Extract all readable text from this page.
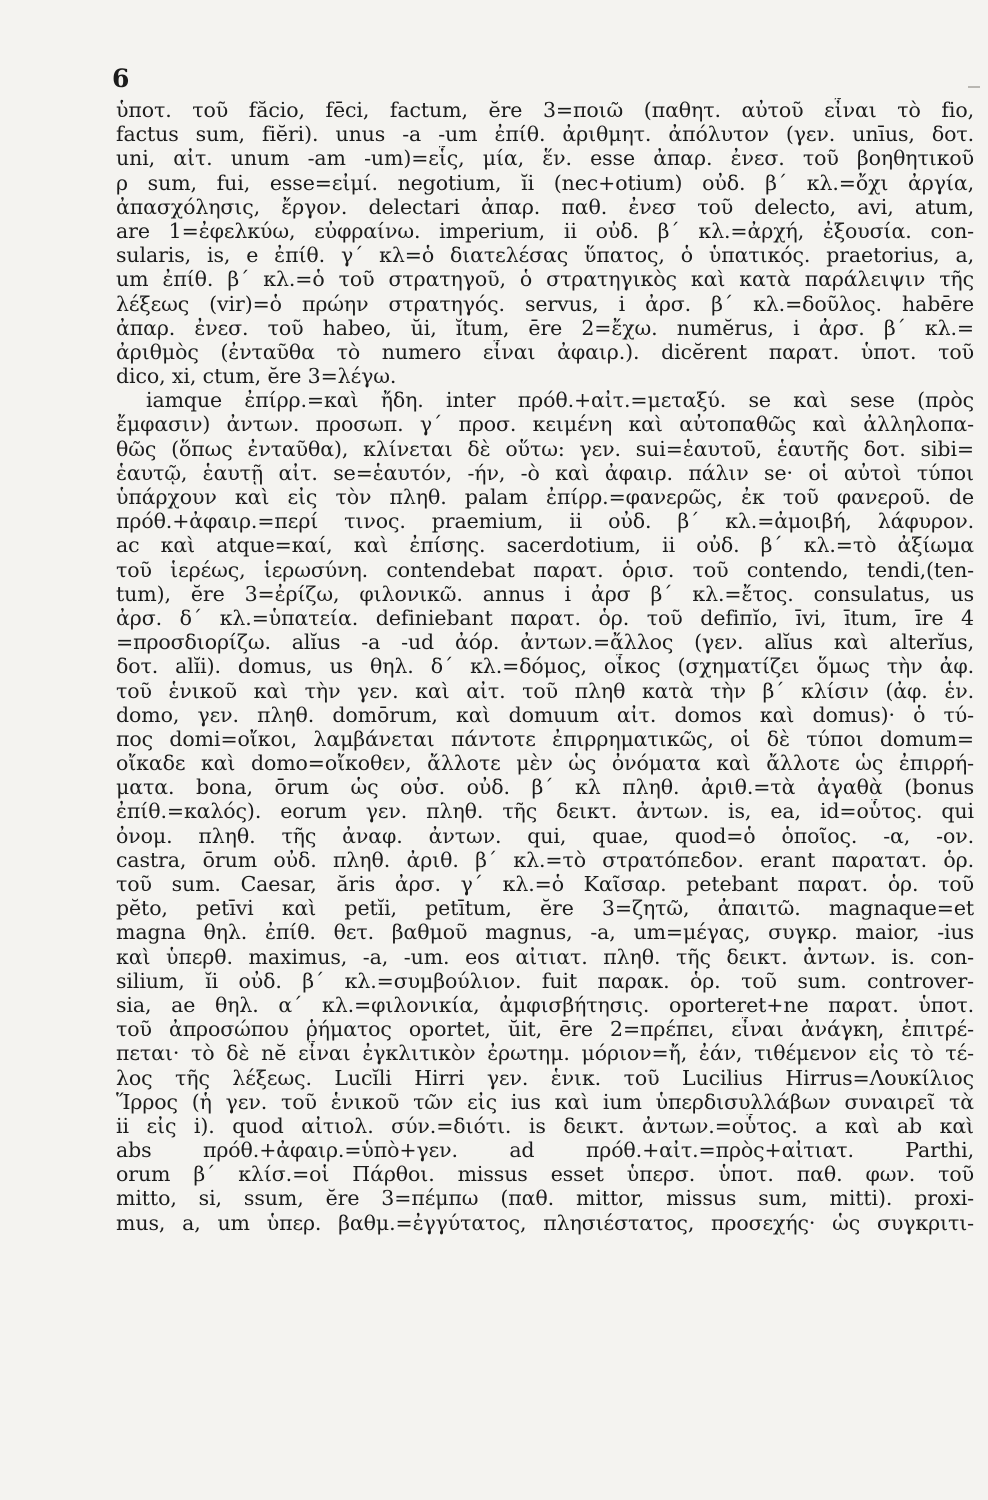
6
ὑποτ. τοῦ făcio, fēci, factum, ĕre 3=ποιῶ (παθητ. αὐτοῦ εἶναι τὸ fio,
factus sum, fiĕri). unus -a -um ἐπίθ. ἀριθμητ. ἀπόλυτον (γεν. unīus, δοτ.
uni, αἰτ. unum -am -um)=εἷς, μία, ἕν. esse ἀπαρ. ἐνεσ. τοῦ βοηθητικοῦ
ρ sum, fui, esse=εἰμί. negotium, ĭi (nec+otium) οὐδ. β΄ κλ.=ὄχι ἀργία,
ἀπασχόλησις, ἔργον. delectari ἀπαρ. παθ. ἐνεσ τοῦ delecto, avi, atum,
are 1=ἐφελκύω, εὐφραίνω. imperium, ii οὐδ. β΄ κλ.=ἀρχή, ἐξουσία. con-
sularis, is, e ἐπίθ. γ΄ κλ=ὁ διατελέσας ὕπατος, ὁ ὑπατικός. praetorius, a,
um ἐπίθ. β΄ κλ.=ὁ τοῦ στρατηγοῦ, ὁ στρατηγικὸς καὶ κατὰ παράλειψιν τῆς
λέξεως (vir)=ὁ πρώην στρατηγός. servus, i ἀρσ. β΄ κλ.=δοῦλος. habēre
ἀπαρ. ἐνεσ. τοῦ habeo, ŭi, ĭtum, ēre 2=ἔχω. numĕrus, i ἀρσ. β΄ κλ.=
ἀριθμὸς (ἐνταῦθα τὸ numero εἶναι ἀφαιρ.). dicĕrent παρατ. ὑποτ. τοῦ
dico, xi, ctum, ĕre 3=λέγω.
iamque ἐπίρρ.=καὶ ἤδη. inter πρόθ.+αἰτ.=μεταξύ. se καὶ sese (πρὸς
ἔμφασιν) ἀντων. προσωπ. γ΄ προσ. κειμένη καὶ αὐτοπαθῶς καὶ ἀλληλοπα-
θῶς (ὅπως ἐνταῦθα), κλίνεται δὲ οὕτω: γεν. sui=ἑαυτοῦ, ἑαυτῆς δοτ. sibi=
ἑαυτῷ, ἑαυτῇ αἰτ. se=ἑαυτόν, -ήν, -ὸ καὶ ἀφαιρ. πάλιν se· οἱ αὐτοὶ τύποι
ὑπάρχουν καὶ εἰς τὸν πληθ. palam ἐπίρρ.=φανερῶς, ἐκ τοῦ φανεροῦ. de
πρόθ.+ἀφαιρ.=περί τινος. praemium, ii οὐδ. β΄ κλ.=ἀμοιβή, λάφυρον.
ac καὶ atque=καί, καὶ ἐπίσης. sacerdotium, ii οὐδ. β΄ κλ.=τὸ ἀξίωμα
τοῦ ἱερέως, ἱερωσύνη. contendebat παρατ. ὁρισ. τοῦ contendo, tendi,(ten-
tum), ĕre 3=ἐρίζω, φιλονικῶ. annus i ἀρσ β΄ κλ.=ἔτος. consulatus, us
ἀρσ. δ΄ κλ.=ὑπατεία. definiebant παρατ. ὁρ. τοῦ defiпĭo, īvi, ītum, īre 4
=προσδιορίζω. alĭus -a -ud ἀόρ. ἀντων.=ἄλλος (γεν. alĭus καὶ alterĭus,
δοτ. alĭi). domus, us θηλ. δ΄ κλ.=δόμος, οἶκος (σχηματίζει ὅμως τὴν ἀφ.
τοῦ ἑνικοῦ καὶ τὴν γεν. καὶ αἰτ. τοῦ πληθ κατὰ τὴν β΄ κλίσιν (ἀφ. ἑν.
domo, γεν. πληθ. domōrum, καὶ domuum αἰτ. domos καὶ domus)· ὁ τύ-
πος domi=οἴκοι, λαμβάνεται πάντοτε ἐπιρρηματικῶς, οἱ δὲ τύποι domum=
οἴκαδε καὶ domo=οἴκοθεν, ἄλλοτε μὲν ὡς ὀνόματα καὶ ἄλλοτε ὡς ἐπιρρή-
ματα. bona, ōrum ὡς οὐσ. οὐδ. β΄ κλ πληθ. ἀριθ.=τὰ ἀγαθὰ (bonus
ἐπίθ.=καλός). eorum γεν. πληθ. τῆς δεικτ. ἀντων. is, ea, id=οὗτος. qui
ὀνομ. πληθ. τῆς ἀναφ. ἀντων. qui, quae, quod=ὁ ὁποῖος. -α, -ον.
castra, ōrum οὐδ. πληθ. ἀριθ. β΄ κλ.=τὸ στρατόπεδον. erant παρατατ. ὁρ.
τοῦ sum. Caesar, ăris ἀρσ. γ΄ κλ.=ὁ Καῖσαρ. petebant παρατ. ὁρ. τοῦ
pĕto, petīvi καὶ petĭi, petītum, ĕre 3=ζητῶ, ἀπαιτῶ. magnaque=et
magna θηλ. ἐπίθ. θετ. βαθμοῦ magnus, -a, um=μέγας, συγκρ. maior, -ius
καὶ ὑπερθ. maximus, -a, -um. eos αἰτιατ. πληθ. τῆς δεικτ. ἀντων. is. con-
silium, ĭi οὐδ. β΄ κλ.=συμβούλιον. fuit παρακ. ὁρ. τοῦ sum. controver-
sia, ae θηλ. α΄ κλ.=φιλονικία, ἀμφισβήτησις. oporteret+ne παρατ. ὑποτ.
τοῦ ἀπροσώπου ῥήματος oportet, ŭit, ēre 2=πρέπει, εἶναι ἀνάγκη, ἐπιτρέ-
πεται· τὸ δὲ nĕ εἶναι ἐγκλιτικὸν ἐρωτημ. μόριον=ἤ, ἐάν, τιθέμενον εἰς τὸ τέ-
λος τῆς λέξεως. Lucĭli Hirri γεν. ἑνικ. τοῦ Lucilius Hirrus=Λουκίλιος
Ἵρρος (ἡ γεν. τοῦ ἑνικοῦ τῶν εἰς ius καὶ ium ὑπερδισυλλάβων συναιρεῖ τὰ
ii εἰς i). quod αἰτιολ. σύν.=διότι. is δεικτ. ἀντων.=οὗτος. a καὶ ab καὶ
abs πρόθ.+ἀφαιρ.=ὑπὸ+γεν. ad πρόθ.+αἰτ.=πρὸς+αἰτιατ. Parthi,
orum β΄ κλίσ.=οἱ Πάρθοι. missus esset ὑπερσ. ὑποτ. παθ. φων. τοῦ
mitto, si, ssum, ĕre 3=πέμπω (παθ. mittor, missus sum, mitti). proxi-
mus, a, um ὑπερ. βαθμ.=ἐγγύτατος, πλησιέστατος, προσεχής· ὡς συγκριτι-
